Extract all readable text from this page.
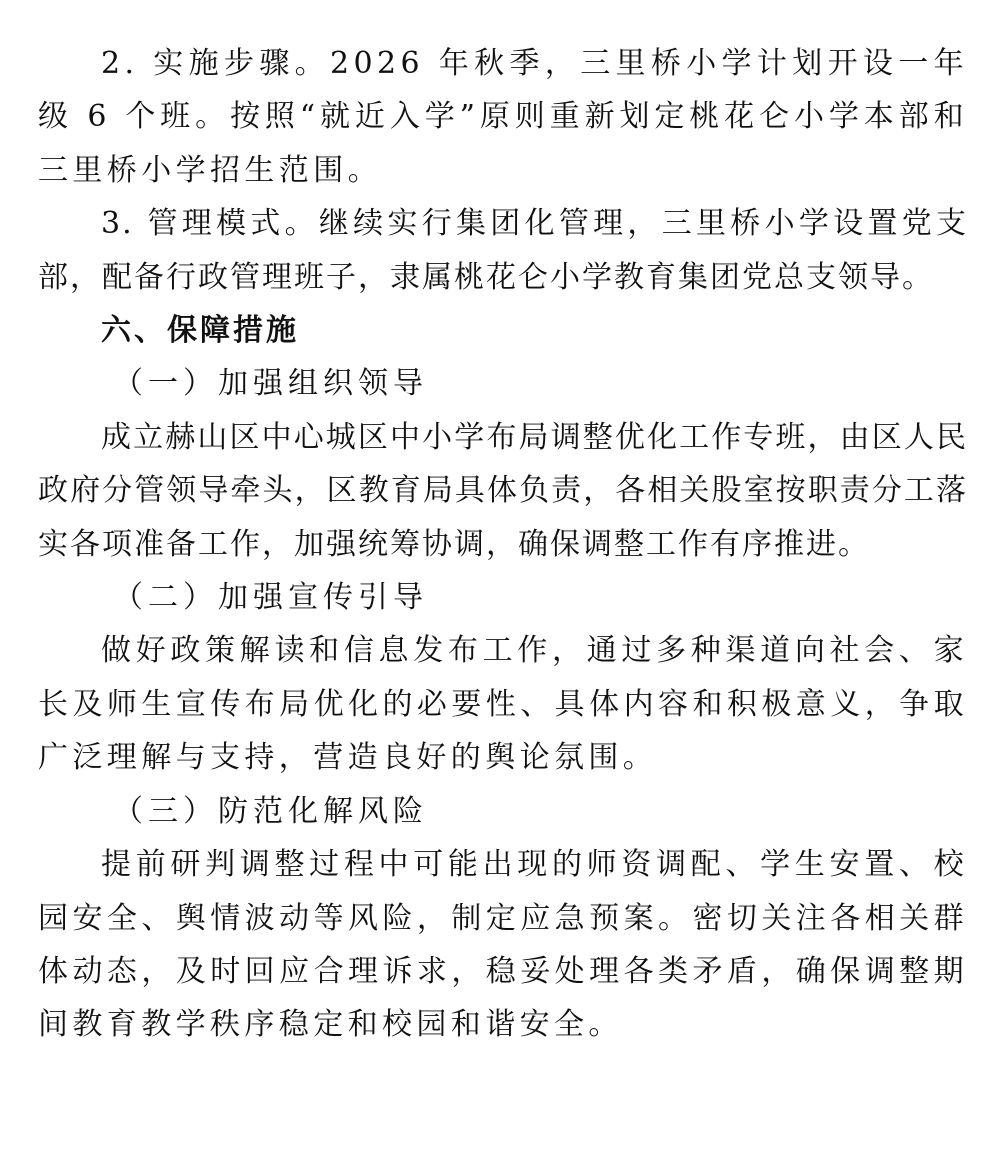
2. 实施步骤。2026 年秋季，三里桥小学计划开设一年级 6 个班。按照“就近入学”原则重新划定桃花仑小学本部和三里桥小学招生范围。

3. 管理模式。继续实行集团化管理，三里桥小学设置党支部，配备行政管理班子，隶属桃花仑小学教育集团党总支领导。

六、保障措施

（一）加强组织领导

成立赫山区中心城区中小学布局调整优化工作专班，由区人民政府分管领导牵头，区教育局具体负责，各相关股室按职责分工落实各项准备工作，加强统筹协调，确保调整工作有序推进。

（二）加强宣传引导

做好政策解读和信息发布工作，通过多种渠道向社会、家长及师生宣传布局优化的必要性、具体内容和积极意义，争取广泛理解与支持，营造良好的舆论氛围。

（三）防范化解风险

提前研判调整过程中可能出现的师资调配、学生安置、校园安全、舆情波动等风险，制定应急预案。密切关注各相关群体动态，及时回应合理诉求，稳妥处理各类矛盾，确保调整期间教育教学秩序稳定和校园和谐安全。
